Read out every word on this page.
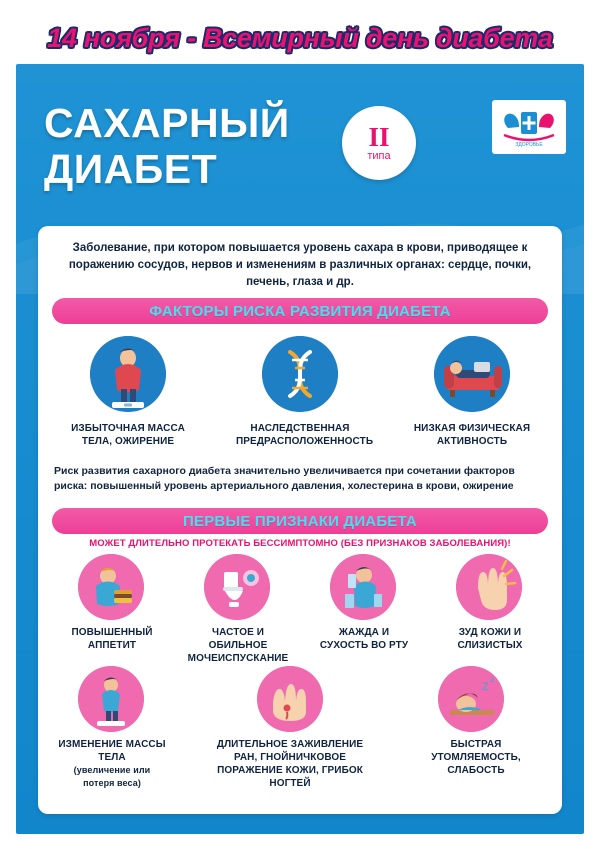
14 ноября - Всемирный день диабета
САХАРНЫЙ
ДИАБЕТ
II
типа
ЗДОРОВЬЕ
Заболевание, при котором повышается уровень сахара в крови, приводящее к поражению сосудов, нервов и изменениям в различных органах: сердце, почки, печень, глаза и др.
ФАКТОРЫ РИСКА РАЗВИТИЯ ДИАБЕТА
ИЗБЫТОЧНАЯ МАССА ТЕЛА, ОЖИРЕНИЕ
НАСЛЕДСТВЕННАЯ ПРЕДРАСПОЛОЖЕННОСТЬ
НИЗКАЯ ФИЗИЧЕСКАЯ АКТИВНОСТЬ
Риск развития сахарного диабета значительно увеличивается при сочетании факторов риска: повышенный уровень артериального давления, холестерина в крови, ожирение
ПЕРВЫЕ ПРИЗНАКИ ДИАБЕТА
МОЖЕТ ДЛИТЕЛЬНО ПРОТЕКАТЬ БЕССИМПТОМНО (БЕЗ ПРИЗНАКОВ ЗАБОЛЕВАНИЯ)!
ПОВЫШЕННЫЙ АППЕТИТ
ЧАСТОЕ И ОБИЛЬНОЕ МОЧЕИСПУСКАНИЕ
ЖАЖДА И СУХОСТЬ ВО РТУ
ЗУД КОЖИ И СЛИЗИСТЫХ
ИЗМЕНЕНИЕ МАССЫ ТЕЛА
(увеличение или потеря веса)
ДЛИТЕЛЬНОЕ ЗАЖИВЛЕНИЕ РАН, ГНОЙНИЧКОВОЕ ПОРАЖЕНИЕ КОЖИ, ГРИБОК НОГТЕЙ
Z
z
БЫСТРАЯ УТОМЛЯЕМОСТЬ, СЛАБОСТЬ
